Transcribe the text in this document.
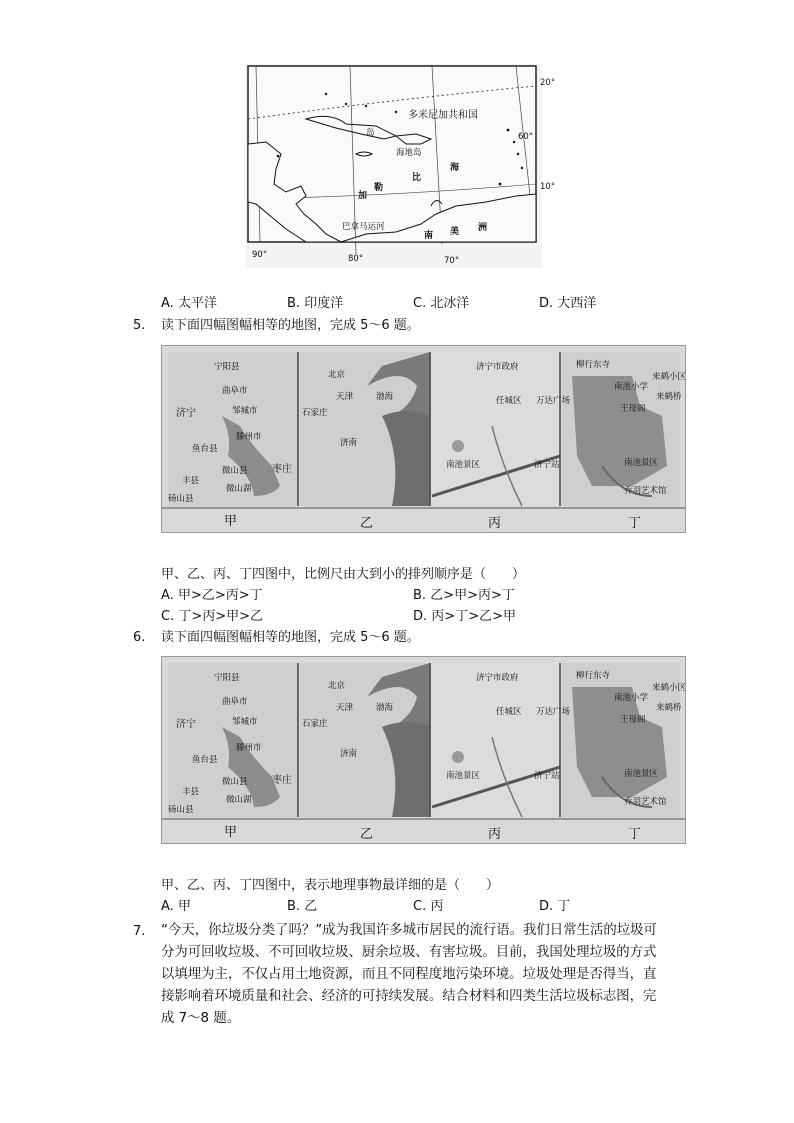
20°
10°
60°
90°	80°	70°
多米尼加共和国
岛
海地岛
加
勒
比
海
巴拿马运河
南 美 洲
A. 太平洋	B. 印度洋	C. 北冰洋	D. 大西洋
5. 读下面四幅图幅相等的地图，完成 5～6 题。
甲	乙	丙	丁
宁阳县
曲阜市
济宁	邹城市
滕州市
鱼台县
微山县 枣庄
丰县
微山湖
砀山县
北京
天津	渤海
石家庄
济南
济宁市政府
任城区 万达广场
南池景区	济宁站
柳行东寺
南池小学
王母阁
来鹤小区
来鹤桥
南池景区
乔羽艺术馆
甲、乙、丙、丁四图中，比例尺由大到小的排列顺序是（　　）
A. 甲>乙>丙>丁	B. 乙>甲>丙>丁
C. 丁>丙>甲>乙	D. 丙>丁>乙>甲
6. 读下面四幅图幅相等的地图，完成 5～6 题。
甲	乙	丙	丁
宁阳县
曲阜市
济宁	邹城市
滕州市
鱼台县
微山县 枣庄
丰县
微山湖
砀山县
北京
天津	渤海
石家庄
济南
济宁市政府
任城区 万达广场
南池景区	济宁站
柳行东寺
南池小学
王母阁
来鹤小区
来鹤桥
南池景区
乔羽艺术馆
甲、乙、丙、丁四图中，表示地理事物最详细的是（　　）
A. 甲	B. 乙	C. 丙	D. 丁
7. “今天，你垃圾分类了吗？”成为我国许多城市居民的流行语。我们日常生活的垃圾可分为可回收垃圾、不可回收垃圾、厨余垃圾、有害垃圾。目前，我国处理垃圾的方式以填埋为主，不仅占用土地资源，而且不同程度地污染环境。垃圾处理是否得当，直接影响着环境质量和社会、经济的可持续发展。结合材料和四类生活垃圾标志图，完成 7～8 题。
